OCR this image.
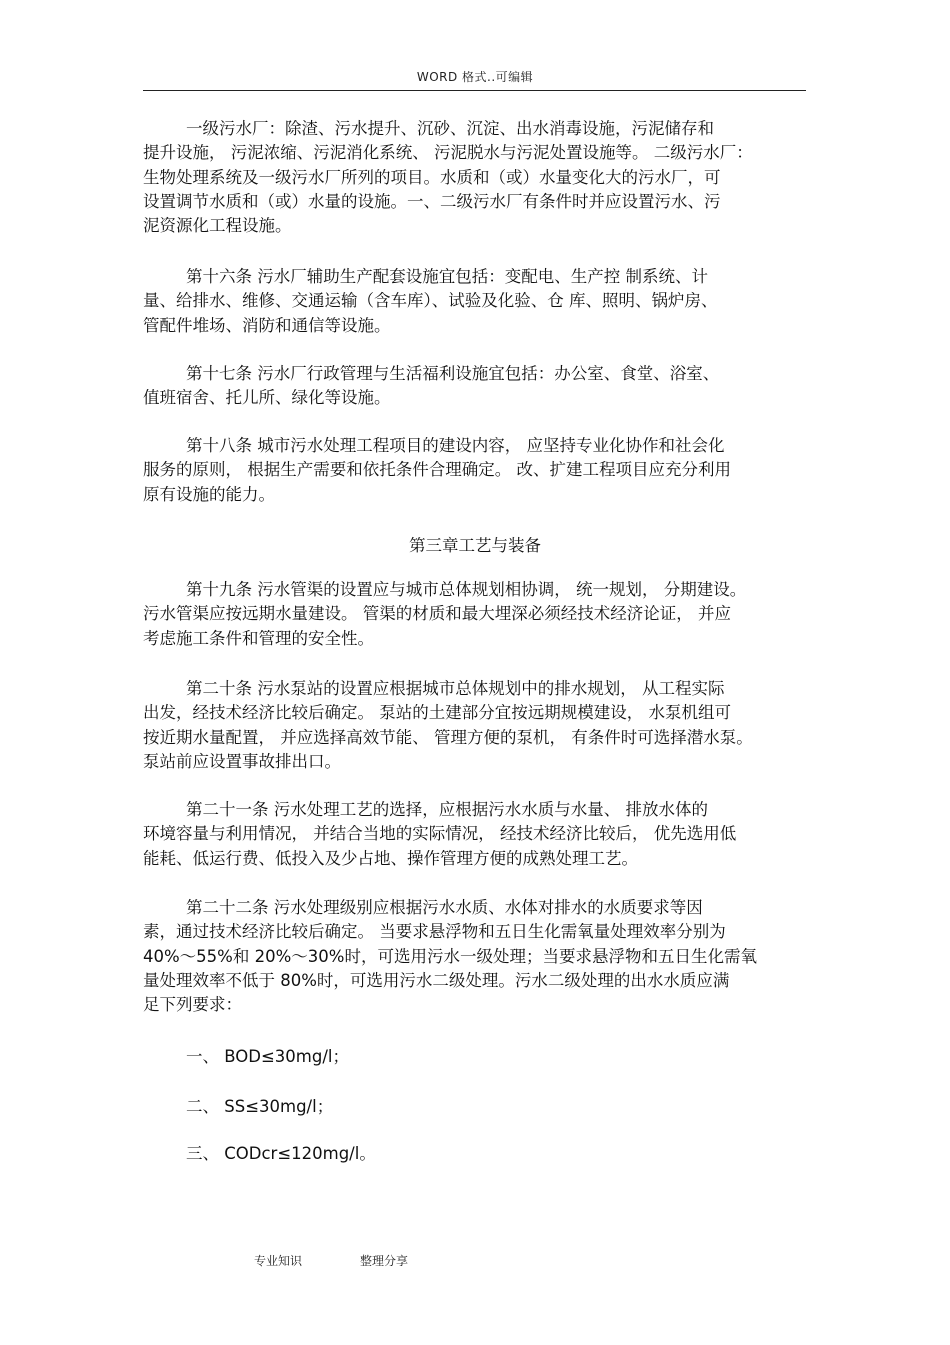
WORD 格式..可编辑
一级污水厂：除渣、污水提升、沉砂、沉淀、出水消毒设施，污泥储存和
提升设施， 污泥浓缩、污泥消化系统、 污泥脱水与污泥处置设施等。 二级污水厂：
生物处理系统及一级污水厂所列的项目。水质和（或）水量变化大的污水厂，可
设置调节水质和（或）水量的设施。一、二级污水厂有条件时并应设置污水、污
泥资源化工程设施。
第十六条 污水厂辅助生产配套设施宜包括：变配电、生产控 制系统、计
量、给排水、维修、交通运输（含车库）、试验及化验、仓 库、照明、锅炉房、
管配件堆场、消防和通信等设施。
第十七条 污水厂行政管理与生活福利设施宜包括：办公室、食堂、浴室、
值班宿舍、托儿所、绿化等设施。
第十八条 城市污水处理工程项目的建设内容， 应坚持专业化协作和社会化
服务的原则， 根据生产需要和依托条件合理确定。 改、扩建工程项目应充分利用
原有设施的能力。
第三章工艺与装备
第十九条 污水管渠的设置应与城市总体规划相协调， 统一规划， 分期建设。
污水管渠应按远期水量建设。 管渠的材质和最大埋深必须经技术经济论证， 并应
考虑施工条件和管理的安全性。
第二十条 污水泵站的设置应根据城市总体规划中的排水规划， 从工程实际
出发，经技术经济比较后确定。 泵站的土建部分宜按远期规模建设， 水泵机组可
按近期水量配置， 并应选择高效节能、 管理方便的泵机， 有条件时可选择潜水泵。
泵站前应设置事故排出口。
第二十一条 污水处理工艺的选择，应根据污水水质与水量、 排放水体的
环境容量与利用情况， 并结合当地的实际情况， 经技术经济比较后， 优先选用低
能耗、低运行费、低投入及少占地、操作管理方便的成熟处理工艺。
第二十二条 污水处理级别应根据污水水质、水体对排水的水质要求等因
素，通过技术经济比较后确定。 当要求悬浮物和五日生化需氧量处理效率分别为
40%～55%和 20%～30%时，可选用污水一级处理；当要求悬浮物和五日生化需氧
量处理效率不低于 80%时，可选用污水二级处理。污水二级处理的出水水质应满
足下列要求：
一、 BOD≤30mg/l；
二、 SS≤30mg/l；
三、 CODcr≤120mg/l。
专业知识	整理分享
